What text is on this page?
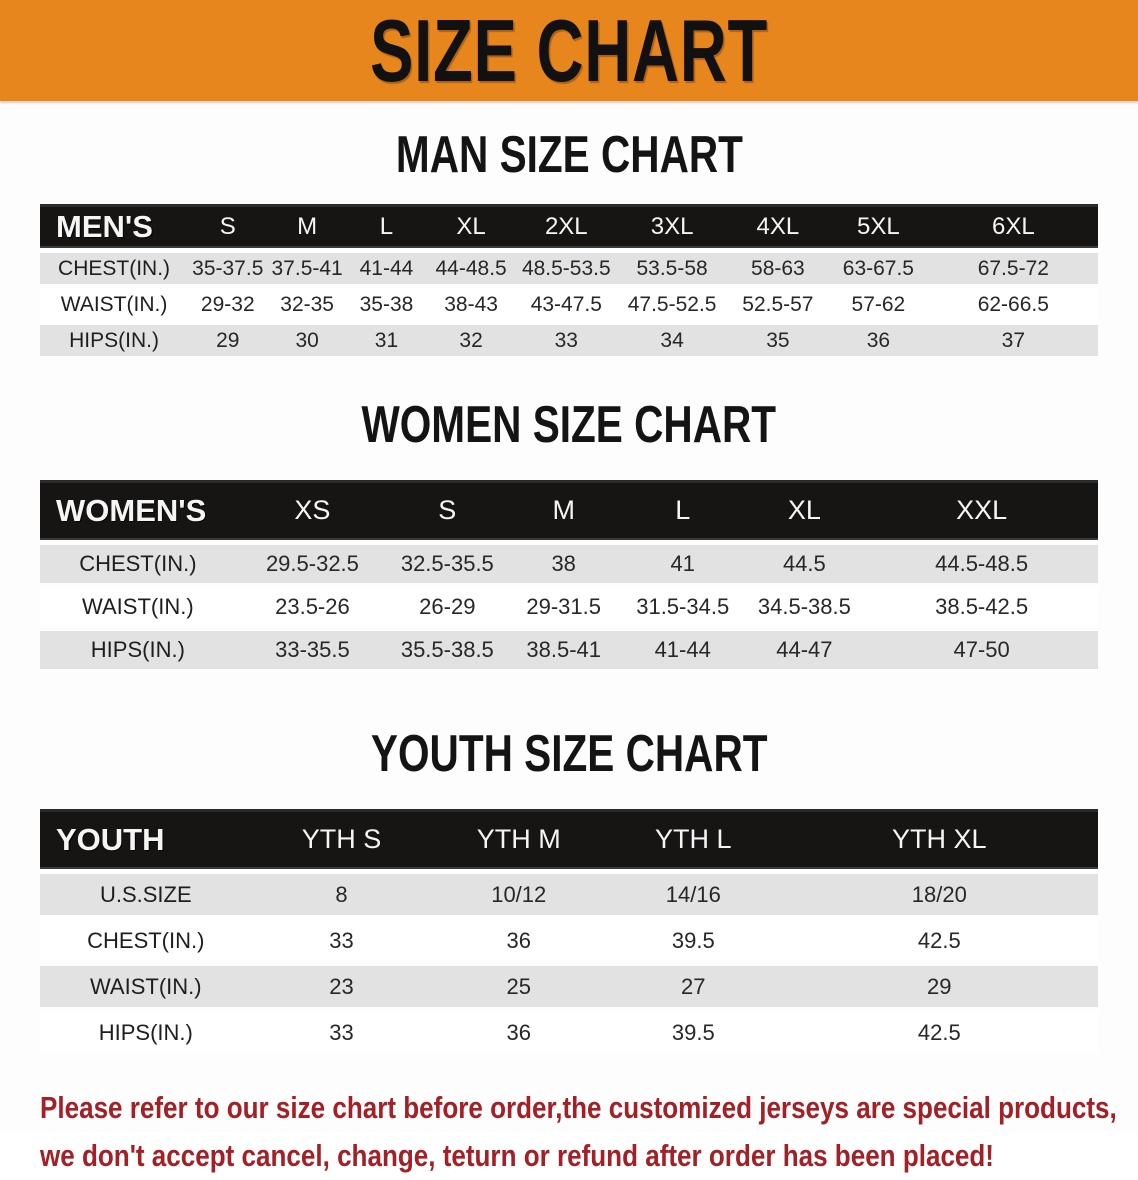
SIZE CHART
MAN SIZE CHART
MEN'S	S	M	L	XL	2XL	3XL	4XL	5XL	6XL
CHEST(IN.)	35-37.5	37.5-41	41-44	44-48.5	48.5-53.5	53.5-58	58-63	63-67.5	67.5-72
WAIST(IN.)	29-32	32-35	35-38	38-43	43-47.5	47.5-52.5	52.5-57	57-62	62-66.5
HIPS(IN.)	29	30	31	32	33	34	35	36	37
WOMEN SIZE CHART
WOMEN'S	XS	S	M	L	XL	XXL
CHEST(IN.)	29.5-32.5	32.5-35.5	38	41	44.5	44.5-48.5
WAIST(IN.)	23.5-26	26-29	29-31.5	31.5-34.5	34.5-38.5	38.5-42.5
HIPS(IN.)	33-35.5	35.5-38.5	38.5-41	41-44	44-47	47-50
YOUTH SIZE CHART
YOUTH	YTH S	YTH M	YTH L	YTH XL
U.S.SIZE	8	10/12	14/16	18/20
CHEST(IN.)	33	36	39.5	42.5
WAIST(IN.)	23	25	27	29
HIPS(IN.)	33	36	39.5	42.5

Please refer to our size chart before order,the customized jerseys are special products,

we don't accept cancel, change, teturn or refund after order has been placed!
